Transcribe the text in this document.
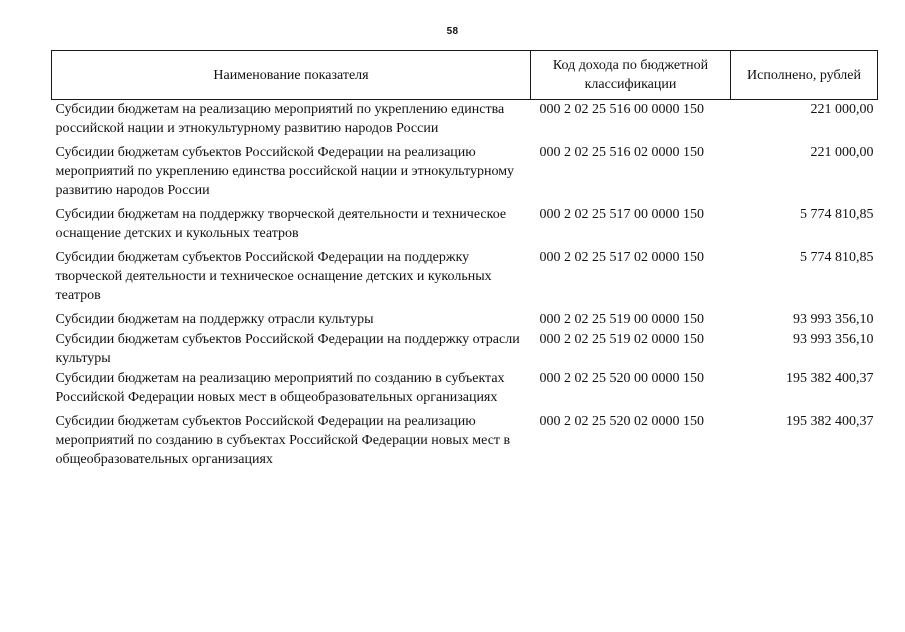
58
Наименование показателя	Код дохода по бюджетной классификации	Исполнено, рублей
Субсидии бюджетам на реализацию мероприятий по укреплению единства российской нации и этнокультурному развитию народов России	000 2 02 25 516 00 0000 150	221 000,00
Субсидии бюджетам субъектов Российской Федерации на реализацию мероприятий по укреплению единства российской нации и этнокультурному развитию народов России	000 2 02 25 516 02 0000 150	221 000,00
Субсидии бюджетам на поддержку творческой деятельности и техническое оснащение детских и кукольных театров	000 2 02 25 517 00 0000 150	5 774 810,85
Субсидии бюджетам субъектов Российской Федерации на поддержку творческой деятельности и техническое оснащение детских и кукольных театров	000 2 02 25 517 02 0000 150	5 774 810,85
Субсидии бюджетам на поддержку отрасли культуры	000 2 02 25 519 00 0000 150	93 993 356,10
Субсидии бюджетам субъектов Российской Федерации на поддержку отрасли культуры	000 2 02 25 519 02 0000 150	93 993 356,10
Субсидии бюджетам на реализацию мероприятий по созданию в субъектах Российской Федерации новых мест в общеобразовательных организациях	000 2 02 25 520 00 0000 150	195 382 400,37
Субсидии бюджетам субъектов Российской Федерации на реализацию мероприятий по созданию в субъектах Российской Федерации новых мест в общеобразовательных организациях	000 2 02 25 520 02 0000 150	195 382 400,37
